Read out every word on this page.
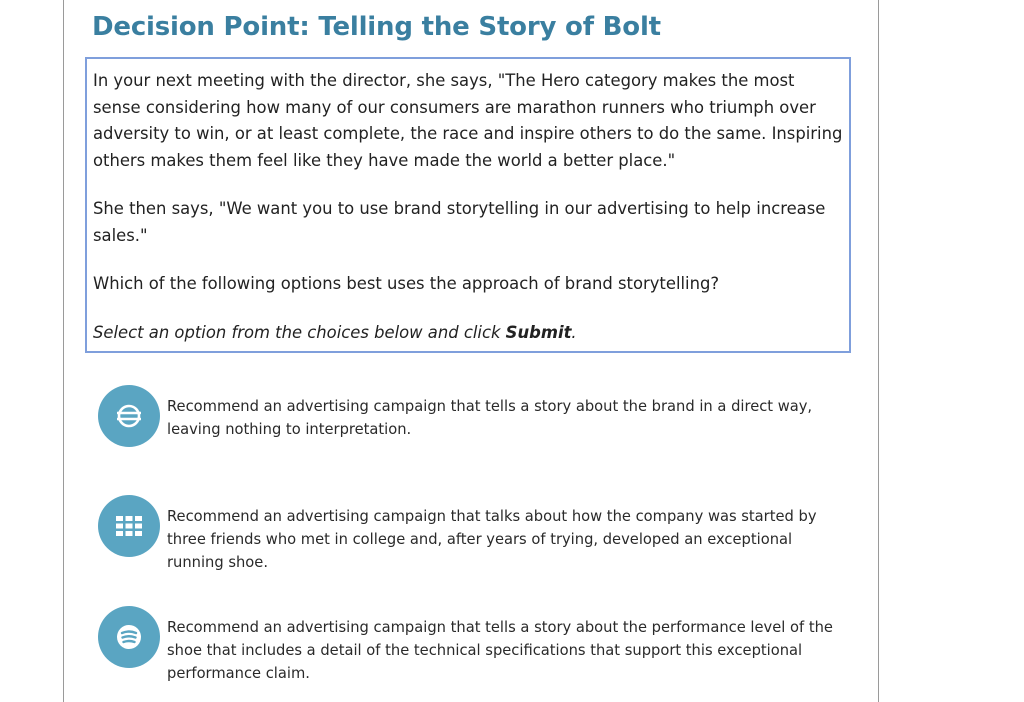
Decision Point: Telling the Story of Bolt

In your next meeting with the director, she says, "The Hero category makes the most sense considering how many of our consumers are marathon runners who triumph over adversity to win, or at least complete, the race and inspire others to do the same. Inspiring others makes them feel like they have made the world a better place."

She then says, "We want you to use brand storytelling in our advertising to help increase sales."

Which of the following options best uses the approach of brand storytelling?

Select an option from the choices below and click Submit.

Recommend an advertising campaign that tells a story about the brand in a direct way, leaving nothing to interpretation.
Recommend an advertising campaign that talks about how the company was started by three friends who met in college and, after years of trying, developed an exceptional running shoe.
Recommend an advertising campaign that tells a story about the performance level of the shoe that includes a detail of the technical specifications that support this exceptional performance claim.
